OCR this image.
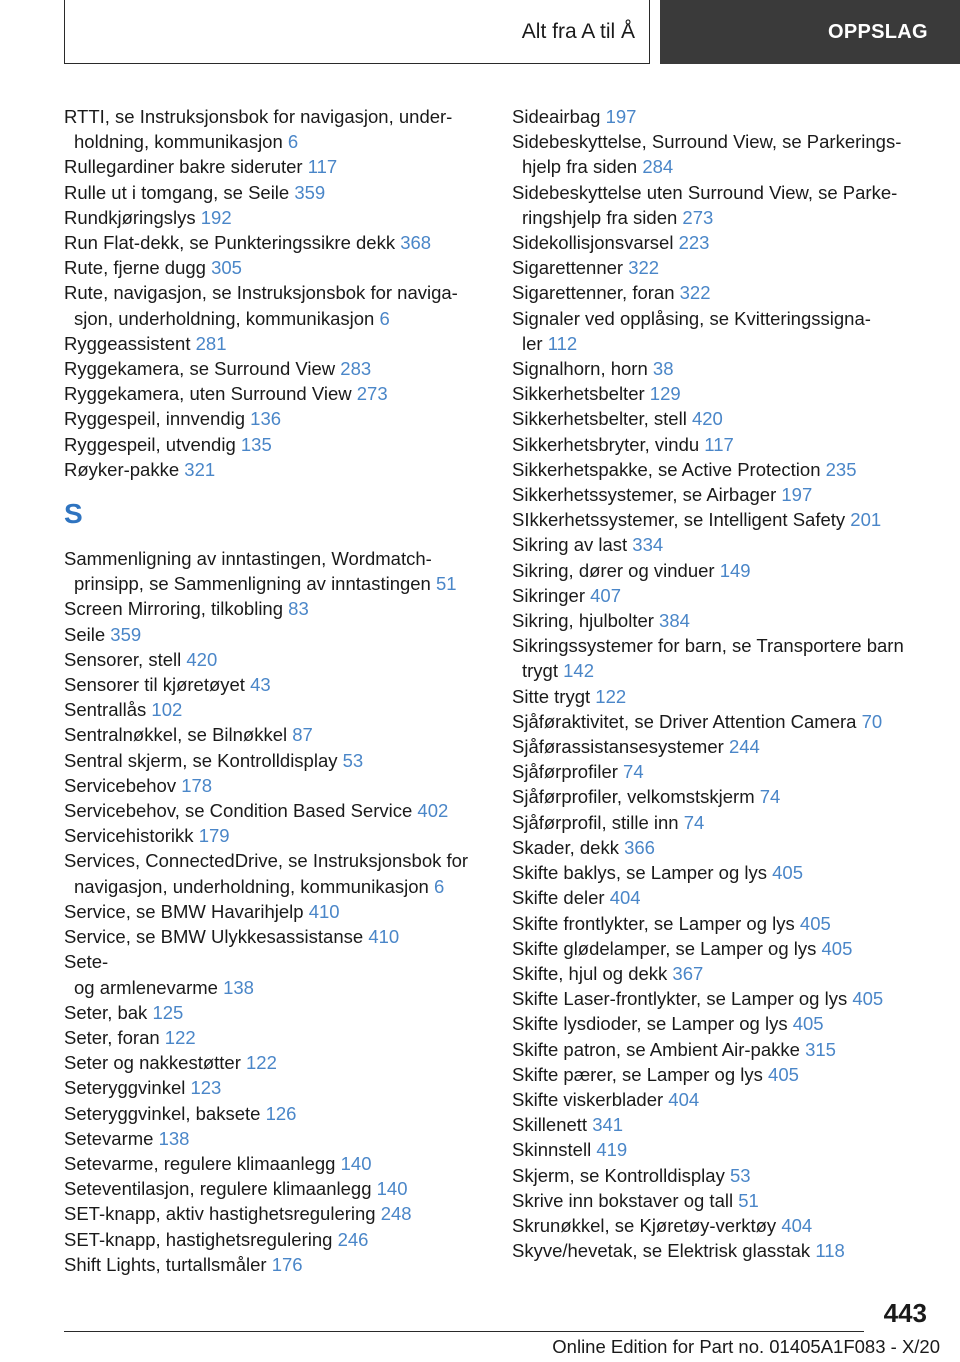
Alt fra A til Å	OPPSLAG
RTTI, se Instruksjonsbok for navigasjon, under-
holdning, kommunikasjon 6
Rullegardiner bakre sideruter 117
Rulle ut i tomgang, se Seile 359
Rundkjøringslys 192
Run Flat-dekk, se Punkteringssikre dekk 368
Rute, fjerne dugg 305
Rute, navigasjon, se Instruksjonsbok for naviga-
sjon, underholdning, kommunikasjon 6
Ryggeassistent 281
Ryggekamera, se Surround View 283
Ryggekamera, uten Surround View 273
Ryggespeil, innvendig 136
Ryggespeil, utvendig 135
Røyker-pakke 321
S
Sammenligning av inntastingen, Wordmatch-
prinsipp, se Sammenligning av inntastingen 51
Screen Mirroring, tilkobling 83
Seile 359
Sensorer, stell 420
Sensorer til kjøretøyet 43
Sentrallås 102
Sentralnøkkel, se Bilnøkkel 87
Sentral skjerm, se Kontrolldisplay 53
Servicebehov 178
Servicebehov, se Condition Based Service 402
Servicehistorikk 179
Services, ConnectedDrive, se Instruksjonsbok for
navigasjon, underholdning, kommunikasjon 6
Service, se BMW Havarihjelp 410
Service, se BMW Ulykkesassistanse 410
Sete-
og armlenevarme 138
Seter, bak 125
Seter, foran 122
Seter og nakkestøtter 122
Seteryggvinkel 123
Seteryggvinkel, baksete 126
Setevarme 138
Setevarme, regulere klimaanlegg 140
Seteventilasjon, regulere klimaanlegg 140
SET-knapp, aktiv hastighetsregulering 248
SET-knapp, hastighetsregulering 246
Shift Lights, turtallsmåler 176
Sideairbag 197
Sidebeskyttelse, Surround View, se Parkerings-
hjelp fra siden 284
Sidebeskyttelse uten Surround View, se Parke-
ringshjelp fra siden 273
Sidekollisjonsvarsel 223
Sigarettenner 322
Sigarettenner, foran 322
Signaler ved opplåsing, se Kvitteringssigna-
ler 112
Signalhorn, horn 38
Sikkerhetsbelter 129
Sikkerhetsbelter, stell 420
Sikkerhetsbryter, vindu 117
Sikkerhetspakke, se Active Protection 235
Sikkerhetssystemer, se Airbager 197
SIkkerhetssystemer, se Intelligent Safety 201
Sikring av last 334
Sikring, dører og vinduer 149
Sikringer 407
Sikring, hjulbolter 384
Sikringssystemer for barn, se Transportere barn
trygt 142
Sitte trygt 122
Sjåføraktivitet, se Driver Attention Camera 70
Sjåførassistansesystemer 244
Sjåførprofiler 74
Sjåførprofiler, velkomstskjerm 74
Sjåførprofil, stille inn 74
Skader, dekk 366
Skifte baklys, se Lamper og lys 405
Skifte deler 404
Skifte frontlykter, se Lamper og lys 405
Skifte glødelamper, se Lamper og lys 405
Skifte, hjul og dekk 367
Skifte Laser-frontlykter, se Lamper og lys 405
Skifte lysdioder, se Lamper og lys 405
Skifte patron, se Ambient Air-pakke 315
Skifte pærer, se Lamper og lys 405
Skifte viskerblader 404
Skillenett 341
Skinnstell 419
Skjerm, se Kontrolldisplay 53
Skrive inn bokstaver og tall 51
Skrunøkkel, se Kjøretøy-verktøy 404
Skyve/hevetak, se Elektrisk glasstak 118
443
Online Edition for Part no. 01405A1F083 - X/20
